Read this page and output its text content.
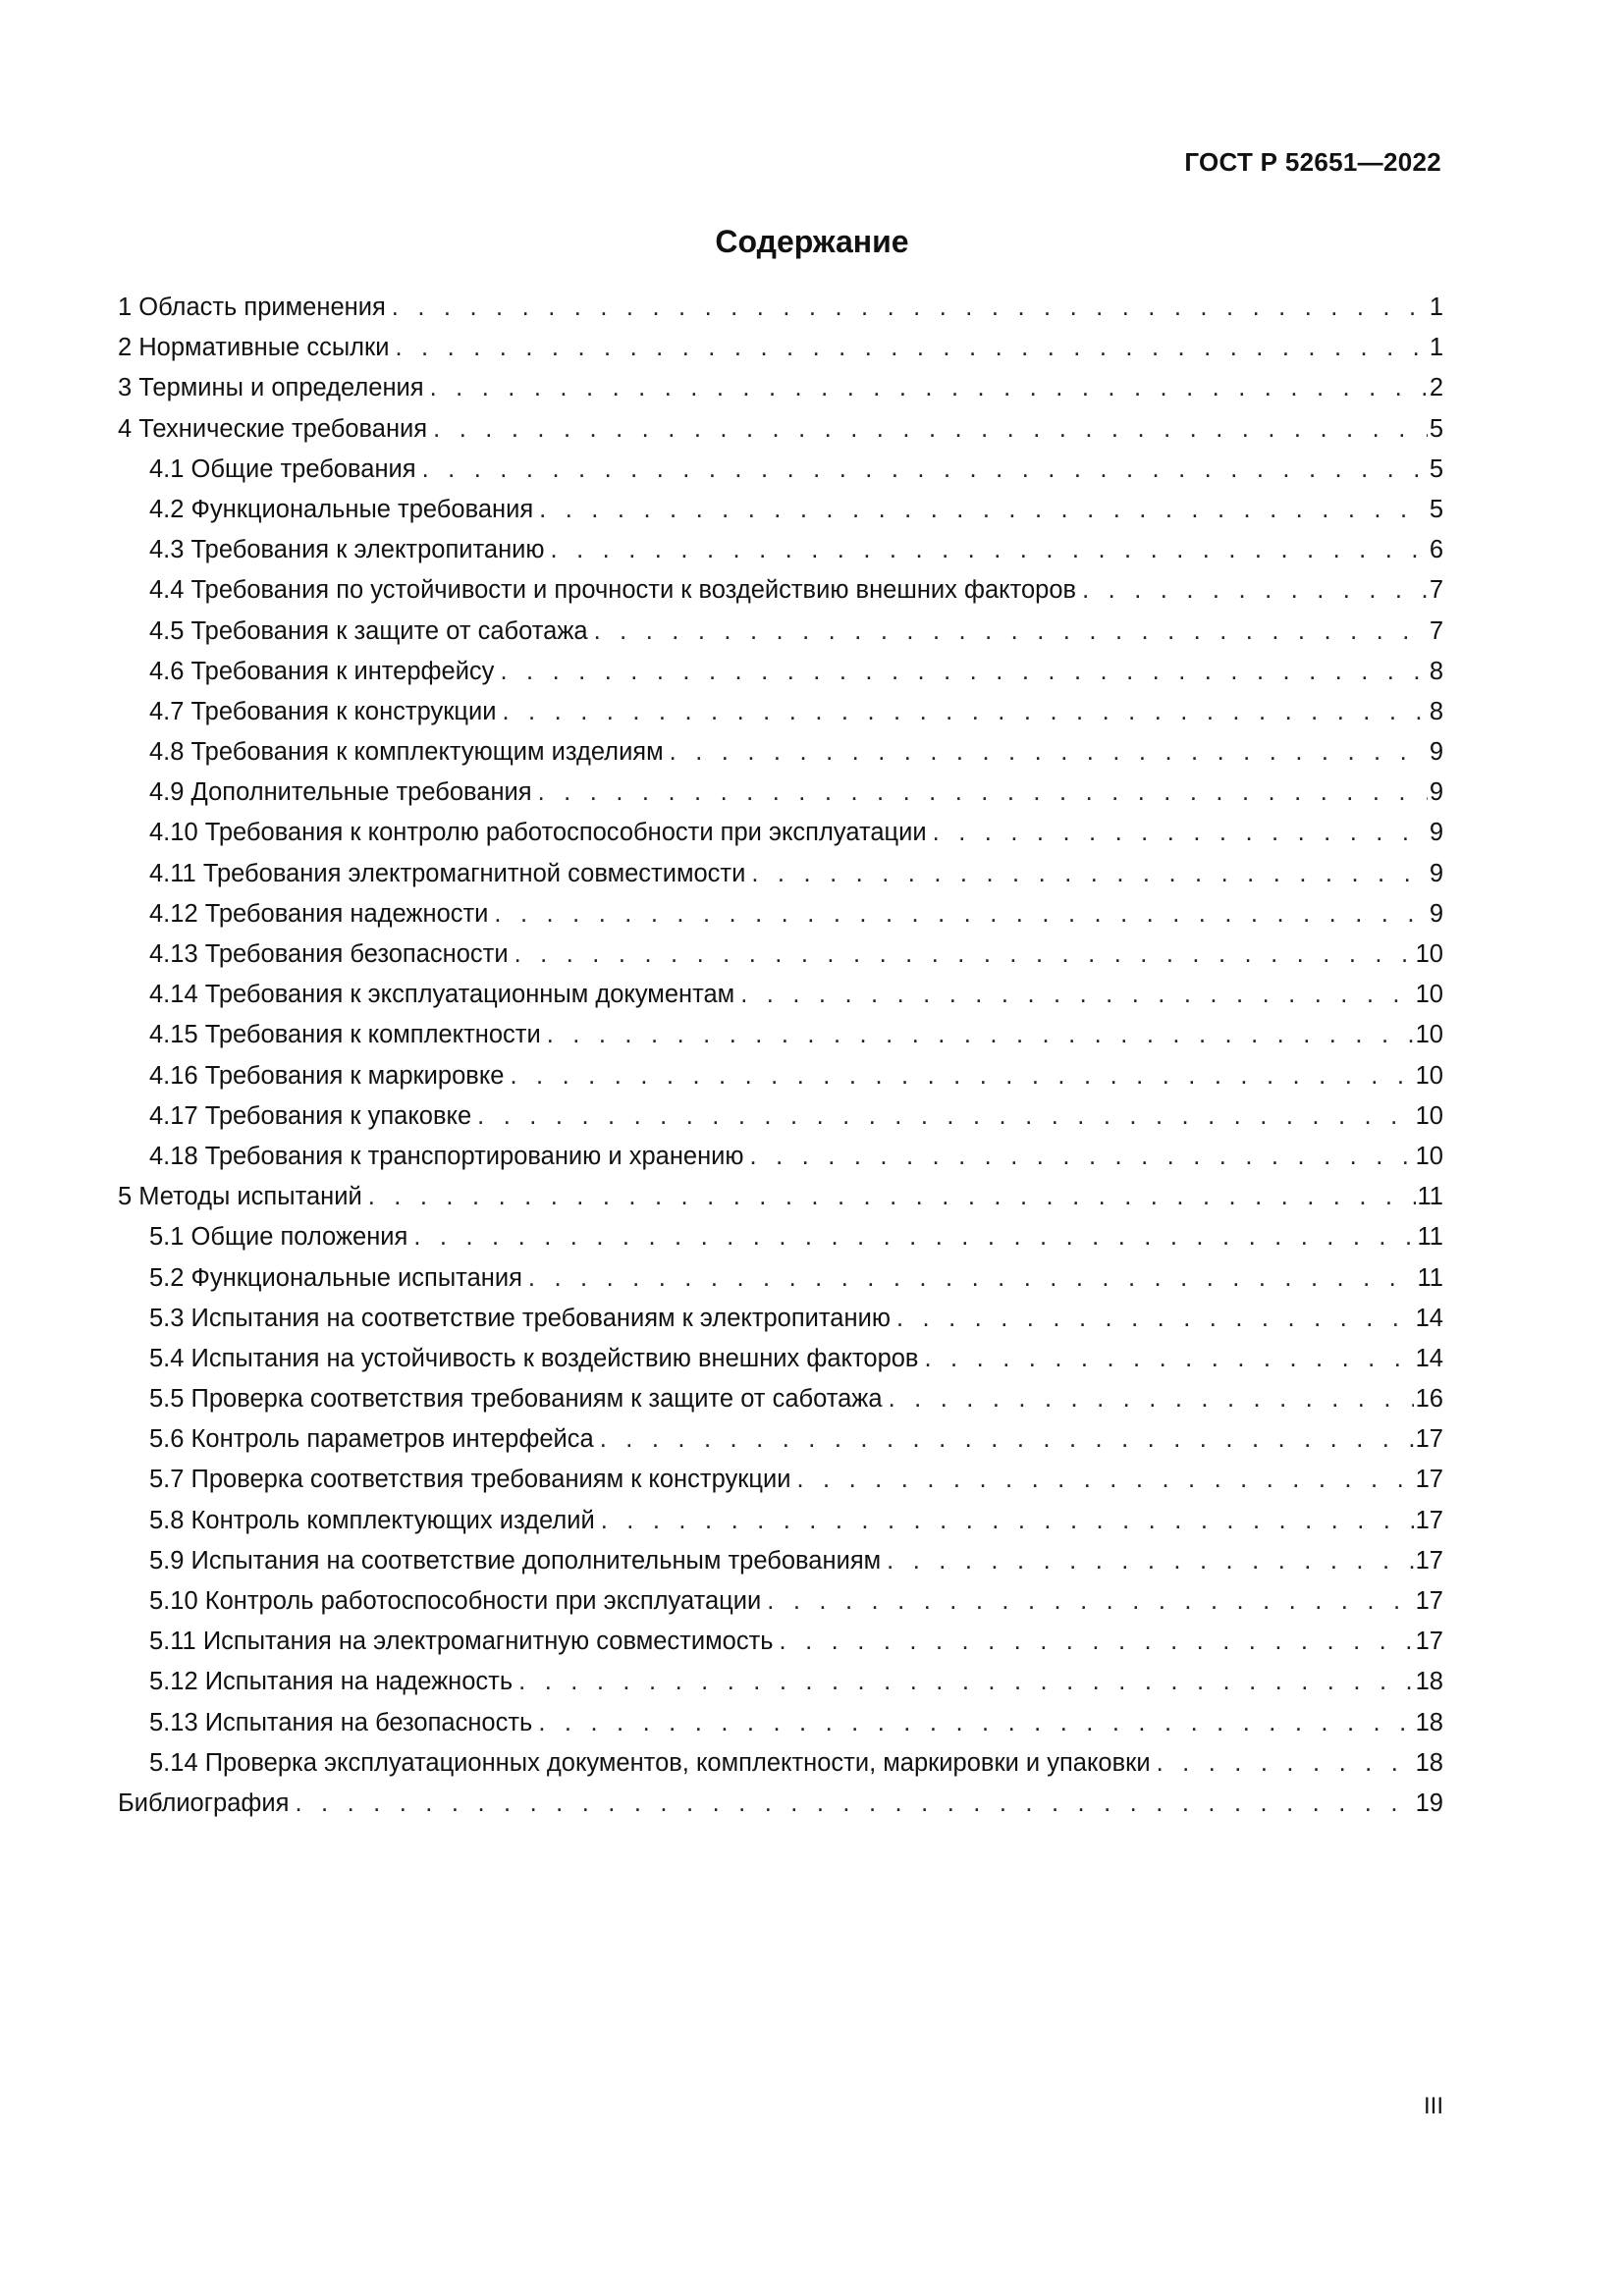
ГОСТ Р 52651—2022
Содержание
1 Область применения . . .	1
2 Нормативные ссылки . . .	1
3 Термины и определения . . .	2
4 Технические требования . . .	5
4.1 Общие требования . . .	5
4.2 Функциональные требования . . .	5
4.3 Требования к электропитанию . . .	6
4.4 Требования по устойчивости и прочности к воздействию внешних факторов . . .	7
4.5 Требования к защите от саботажа . . .	7
4.6 Требования к интерфейсу . . .	8
4.7 Требования к конструкции . . .	8
4.8 Требования к комплектующим изделиям . . .	9
4.9 Дополнительные требования . . .	9
4.10 Требования к контролю работоспособности при эксплуатации . . .	9
4.11 Требования электромагнитной совместимости . . .	9
4.12 Требования надежности . . .	9
4.13 Требования безопасности . . .	10
4.14 Требования к эксплуатационным документам . . .	10
4.15 Требования к комплектности . . .	10
4.16 Требования к маркировке . . .	10
4.17 Требования к упаковке . . .	10
4.18 Требования к транспортированию и хранению . . .	10
5 Методы испытаний . . .	11
5.1 Общие положения . . .	11
5.2 Функциональные испытания . . .	11
5.3 Испытания на соответствие требованиям к электропитанию . . .	14
5.4 Испытания на устойчивость к воздействию внешних факторов . . .	14
5.5 Проверка соответствия требованиям к защите от саботажа . . .	16
5.6 Контроль параметров интерфейса . . .	17
5.7 Проверка соответствия требованиям к конструкции . . .	17
5.8 Контроль комплектующих изделий . . .	17
5.9 Испытания на соответствие дополнительным требованиям . . .	17
5.10 Контроль работоспособности при эксплуатации . . .	17
5.11 Испытания на электромагнитную совместимость . . .	17
5.12 Испытания на надежность . . .	18
5.13 Испытания на безопасность . . .	18
5.14 Проверка эксплуатационных документов, комплектности, маркировки и упаковки . . .	18
Библиография . . .	19
III
